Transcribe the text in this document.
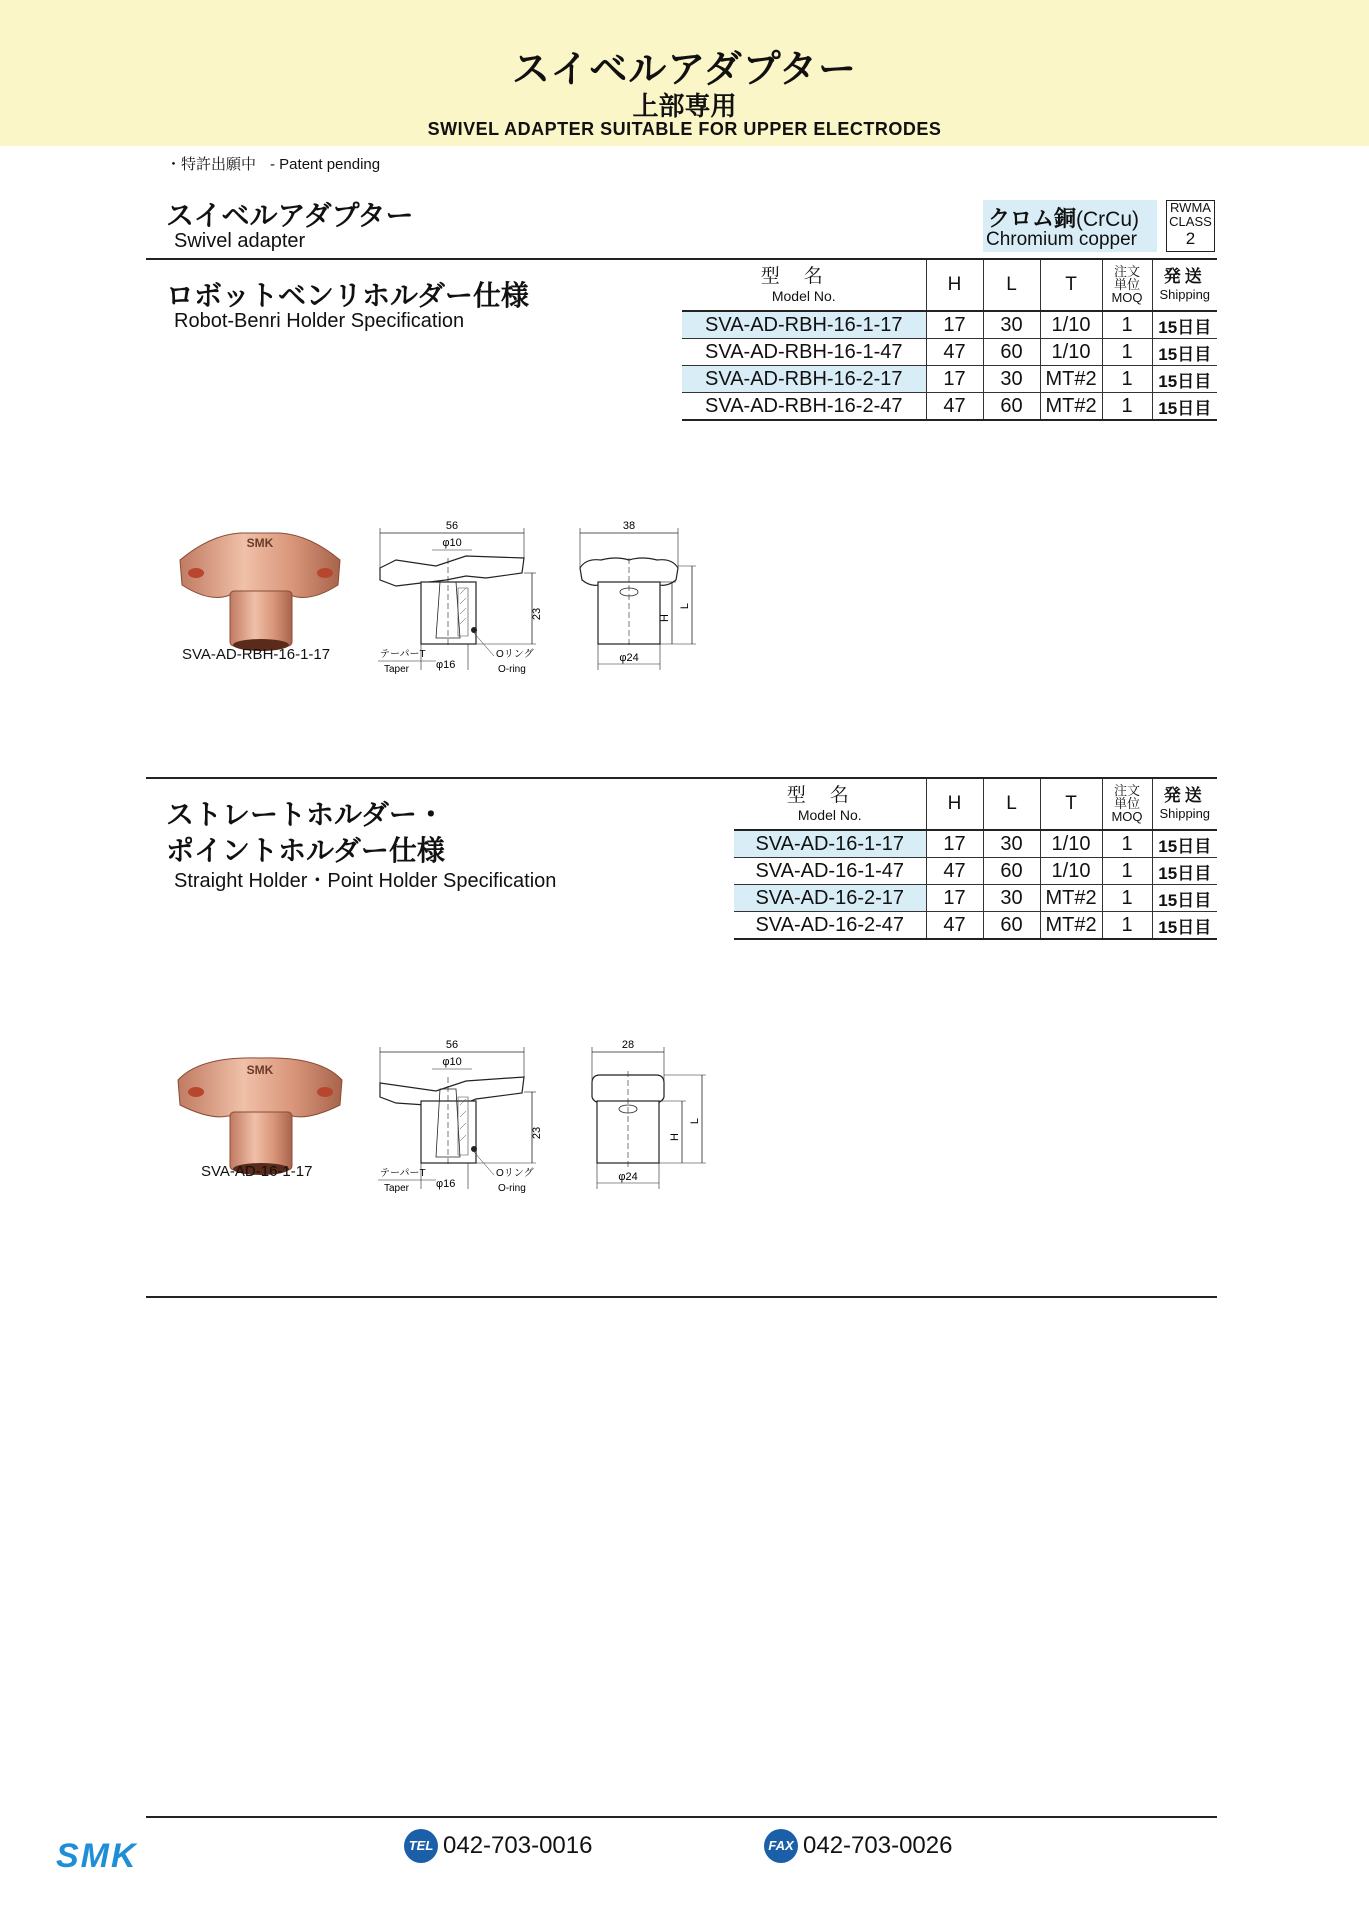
スイベルアダプター
上部専用
SWIVEL ADAPTER SUITABLE FOR UPPER ELECTRODES
・特許出願中 - Patent pending
スイベルアダプター
Swivel adapter
クロム銅(CrCu)
Chromium copper
RWMA
CLASS
2
ロボットベンリホルダー仕様
Robot-Benri Holder Specification
型名
Model No.	H	L	T	注文
単位
MOQ	発送
Shipping

SVA-AD-RBH-16-1-17	17	30	1/10	1	15日目
SVA-AD-RBH-16-1-47	47	60	1/10	1	15日目
SVA-AD-RBH-16-2-17	17	30	MT#2	1	15日目
SVA-AD-RBH-16-2-47	47	60	MT#2	1	15日目
SMK
SVA-AD-RBH-16-1-17
56
φ10
23
テーパーT
Taper φ16
Oリング
O-ring
38
H
L
φ24
ストレートホルダー・
ポイントホルダー仕様
Straight Holder・Point Holder Specification
型名
Model No.	H	L	T	注文
単位
MOQ	発送
Shipping

SVA-AD-16-1-17	17	30	1/10	1	15日目
SVA-AD-16-1-47	47	60	1/10	1	15日目
SVA-AD-16-2-17	17	30	MT#2	1	15日目
SVA-AD-16-2-47	47	60	MT#2	1	15日目
SMK
SVA-AD-16-1-17
56
φ10
23
テーパーT
Taper φ16
Oリング
O-ring
28
H
L
φ24
SMK	TEL 042-703-0016	FAX 042-703-0026
